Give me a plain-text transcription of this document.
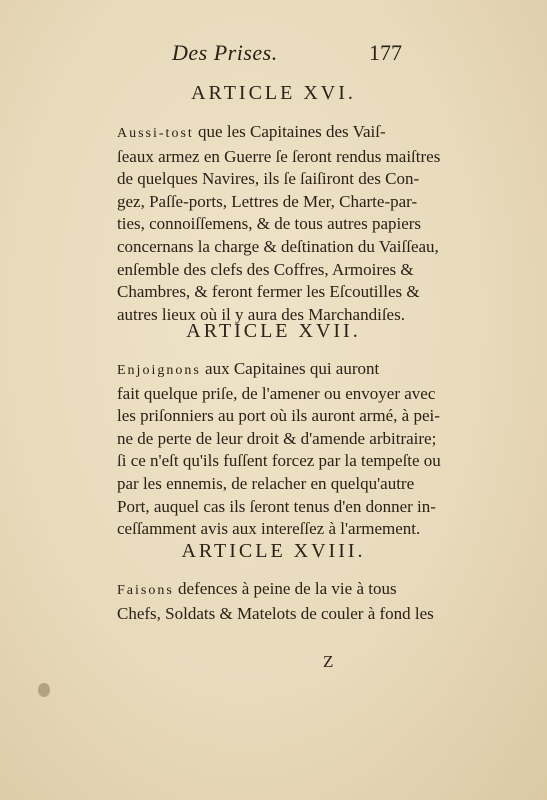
Des Prises.	177
ARTICLE XVI.
Aussi-tost que les Capitaines des Vaiſ-
ſeaux armez en Guerre ſe ſeront rendus maiſtres
de quelques Navires, ils ſe ſaiſiront des Con-
gez, Paſſe-ports, Lettres de Mer, Charte-par-
ties, connoiſſemens, & de tous autres papiers
concernans la charge & deſtination du Vaiſſeau,
enſemble des clefs des Coffres, Armoires &
Chambres, & feront fermer les Eſcoutilles &
autres lieux où il y aura des Marchandiſes.
ARTICLE XVII.
Enjoignons aux Capitaines qui auront
fait quelque priſe, de l'amener ou envoyer avec
les priſonniers au port où ils auront armé, à pei-
ne de perte de leur droit & d'amende arbitraire;
ſi ce n'eſt qu'ils fuſſent forcez par la tempeſte ou
par les ennemis, de relacher en quelqu'autre
Port, auquel cas ils ſeront tenus d'en donner in-
ceſſamment avis aux intereſſez à l'armement.
ARTICLE XVIII.
Faisons defences à peine de la vie à tous
Chefs, Soldats & Matelots de couler à fond les
Z
